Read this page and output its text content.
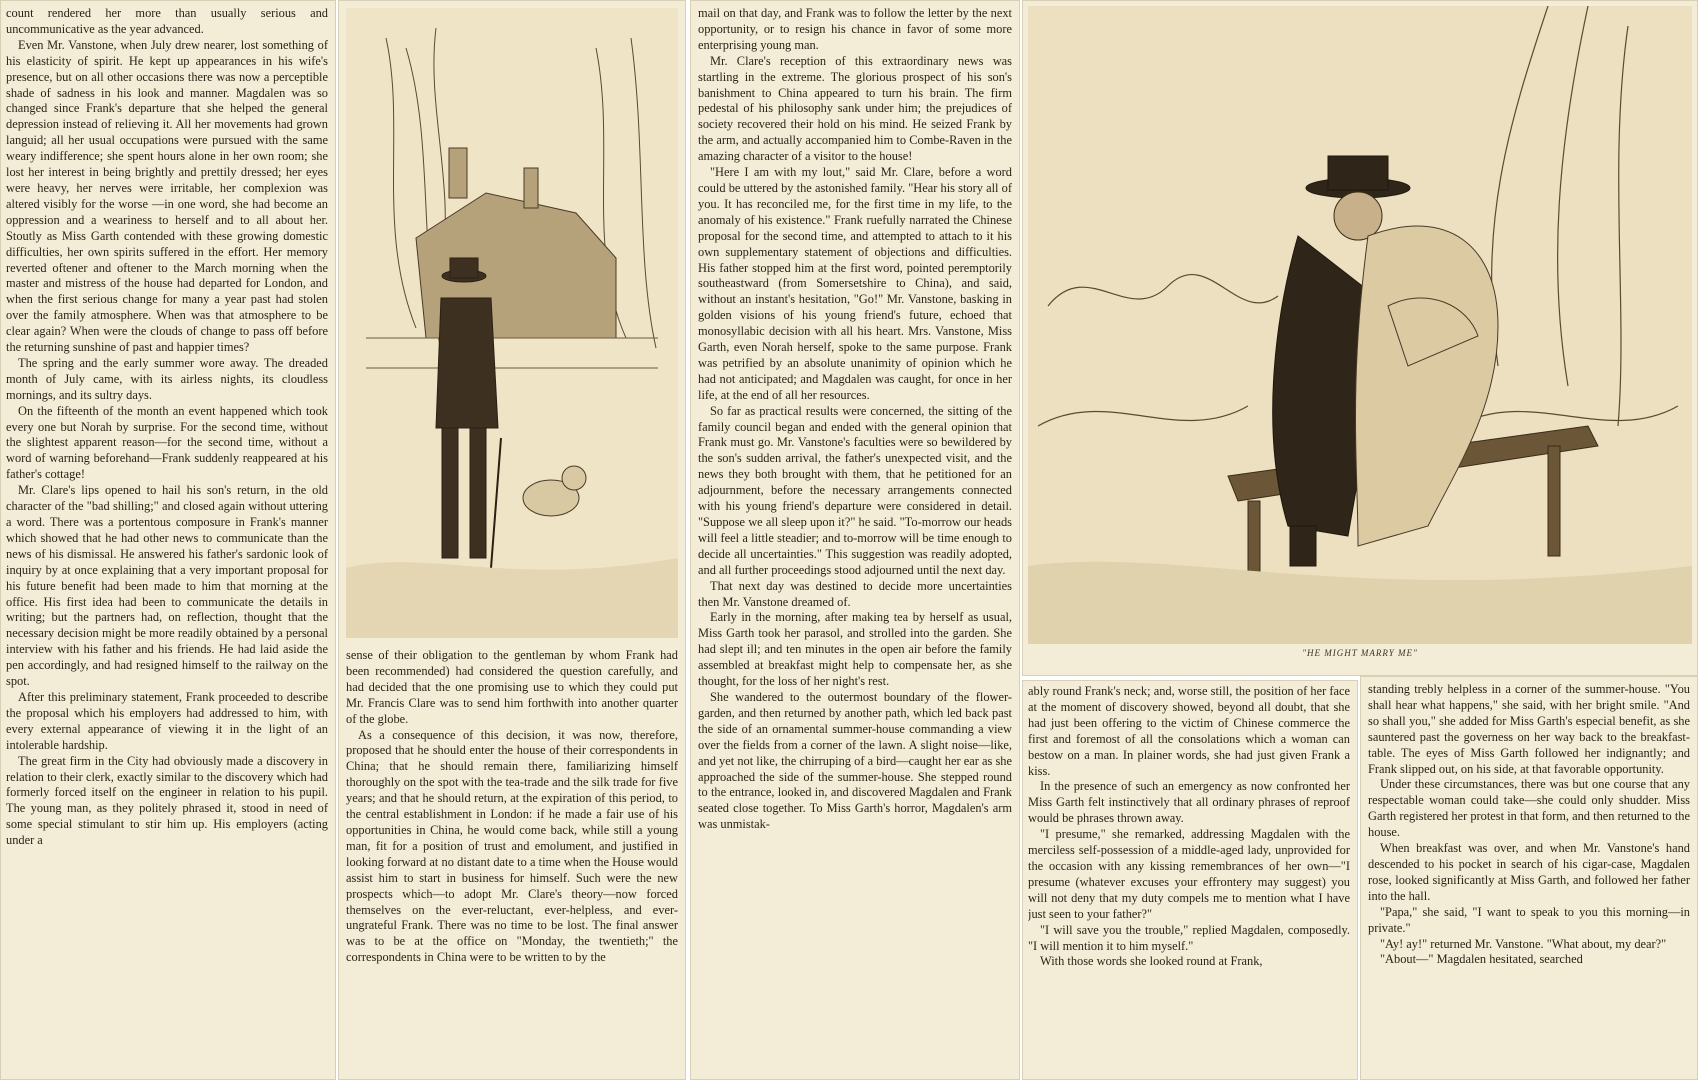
count rendered her more than usually serious and uncommunicative as the year advanced.

Even Mr. Vanstone, when July drew nearer, lost something of his elasticity of spirit. He kept up appearances in his wife's presence, but on all other occasions there was now a perceptible shade of sadness in his look and manner. Magdalen was so changed since Frank's departure that she helped the general depression instead of relieving it. All her movements had grown languid; all her usual occupations were pursued with the same weary indifference; she spent hours alone in her own room; she lost her interest in being brightly and prettily dressed; her eyes were heavy, her nerves were irritable, her complexion was altered visibly for the worse —in one word, she had become an oppression and a weariness to herself and to all about her. Stoutly as Miss Garth contended with these growing domestic difficulties, her own spirits suffered in the effort. Her memory reverted oftener and oftener to the March morning when the master and mistress of the house had departed for London, and when the first serious change for many a year past had stolen over the family atmosphere. When was that atmosphere to be clear again? When were the clouds of change to pass off before the returning sunshine of past and happier times?

The spring and the early summer wore away. The dreaded month of July came, with its airless nights, its cloudless mornings, and its sultry days.

On the fifteenth of the month an event happened which took every one but Norah by surprise. For the second time, without the slightest apparent reason—for the second time, without a word of warning beforehand—Frank suddenly reappeared at his father's cottage!

Mr. Clare's lips opened to hail his son's return, in the old character of the "bad shilling;" and closed again without uttering a word. There was a portentous composure in Frank's manner which showed that he had other news to communicate than the news of his dismissal. He answered his father's sardonic look of inquiry by at once explaining that a very important proposal for his future benefit had been made to him that morning at the office. His first idea had been to communicate the details in writing; but the partners had, on reflection, thought that the necessary decision might be more readily obtained by a personal interview with his father and his friends. He had laid aside the pen accordingly, and had resigned himself to the railway on the spot.

After this preliminary statement, Frank proceeded to describe the proposal which his employers had addressed to him, with every external appearance of viewing it in the light of an intolerable hardship.

The great firm in the City had obviously made a discovery in relation to their clerk, exactly similar to the discovery which had formerly forced itself on the engineer in relation to his pupil. The young man, as they politely phrased it, stood in need of some special stimulant to stir him up. His employers (acting under a

sense of their obligation to the gentleman by whom Frank had been recommended) had considered the question carefully, and had decided that the one promising use to which they could put Mr. Francis Clare was to send him forthwith into another quarter of the globe.

As a consequence of this decision, it was now, therefore, proposed that he should enter the house of their correspondents in China; that he should remain there, familiarizing himself thoroughly on the spot with the tea-trade and the silk trade for five years; and that he should return, at the expiration of this period, to the central establishment in London: if he made a fair use of his opportunities in China, he would come back, while still a young man, fit for a position of trust and emolument, and justified in looking forward at no distant date to a time when the House would assist him to start in business for himself. Such were the new prospects which—to adopt Mr. Clare's theory—now forced themselves on the ever-reluctant, ever-helpless, and ever-ungrateful Frank. There was no time to be lost. The final answer was to be at the office on "Monday, the twentieth;" the correspondents in China were to be written to by the

mail on that day, and Frank was to follow the letter by the next opportunity, or to resign his chance in favor of some more enterprising young man.

Mr. Clare's reception of this extraordinary news was startling in the extreme. The glorious prospect of his son's banishment to China appeared to turn his brain. The firm pedestal of his philosophy sank under him; the prejudices of society recovered their hold on his mind. He seized Frank by the arm, and actually accompanied him to Combe-Raven in the amazing character of a visitor to the house!

"Here I am with my lout," said Mr. Clare, before a word could be uttered by the astonished family. "Hear his story all of you. It has reconciled me, for the first time in my life, to the anomaly of his existence." Frank ruefully narrated the Chinese proposal for the second time, and attempted to attach to it his own supplementary statement of objections and difficulties. His father stopped him at the first word, pointed peremptorily southeastward (from Somersetshire to China), and said, without an instant's hesitation, "Go!" Mr. Vanstone, basking in golden visions of his young friend's future, echoed that monosyllabic decision with all his heart. Mrs. Vanstone, Miss Garth, even Norah herself, spoke to the same purpose. Frank was petrified by an absolute unanimity of opinion which he had not anticipated; and Magdalen was caught, for once in her life, at the end of all her resources.

So far as practical results were concerned, the sitting of the family council began and ended with the general opinion that Frank must go. Mr. Vanstone's faculties were so bewildered by the son's sudden arrival, the father's unexpected visit, and the news they both brought with them, that he petitioned for an adjournment, before the necessary arrangements connected with his young friend's departure were considered in detail. "Suppose we all sleep upon it?" he said. "To-morrow our heads will feel a little steadier; and to-morrow will be time enough to decide all uncertainties." This suggestion was readily adopted, and all further proceedings stood adjourned until the next day.

That next day was destined to decide more uncertainties then Mr. Vanstone dreamed of.

Early in the morning, after making tea by herself as usual, Miss Garth took her parasol, and strolled into the garden. She had slept ill; and ten minutes in the open air before the family assembled at breakfast might help to compensate her, as she thought, for the loss of her night's rest.

She wandered to the outermost boundary of the flower-garden, and then returned by another path, which led back past the side of an ornamental summer-house commanding a view over the fields from a corner of the lawn. A slight noise—like, and yet not like, the chirruping of a bird—caught her ear as she approached the side of the summer-house. She stepped round to the entrance, looked in, and discovered Magdalen and Frank seated close together. To Miss Garth's horror, Magdalen's arm was unmistak-

"HE MIGHT MARRY ME"

ably round Frank's neck; and, worse still, the position of her face at the moment of discovery showed, beyond all doubt, that she had just been offering to the victim of Chinese commerce the first and foremost of all the consolations which a woman can bestow on a man. In plainer words, she had just given Frank a kiss.

In the presence of such an emergency as now confronted her Miss Garth felt instinctively that all ordinary phrases of reproof would be phrases thrown away.

"I presume," she remarked, addressing Magdalen with the merciless self-possession of a middle-aged lady, unprovided for the occasion with any kissing remembrances of her own—"I presume (whatever excuses your effrontery may suggest) you will not deny that my duty compels me to mention what I have just seen to your father?"

"I will save you the trouble," replied Magdalen, composedly. "I will mention it to him myself."

With those words she looked round at Frank,

standing trebly helpless in a corner of the summer-house. "You shall hear what happens," she said, with her bright smile. "And so shall you," she added for Miss Garth's especial benefit, as she sauntered past the governess on her way back to the breakfast-table. The eyes of Miss Garth followed her indignantly; and Frank slipped out, on his side, at that favorable opportunity.

Under these circumstances, there was but one course that any respectable woman could take—she could only shudder. Miss Garth registered her protest in that form, and then returned to the house.

When breakfast was over, and when Mr. Vanstone's hand descended to his pocket in search of his cigar-case, Magdalen rose, looked significantly at Miss Garth, and followed her father into the hall.

"Papa," she said, "I want to speak to you this morning—in private."

"Ay! ay!" returned Mr. Vanstone. "What about, my dear?"

"About—" Magdalen hesitated, searched
